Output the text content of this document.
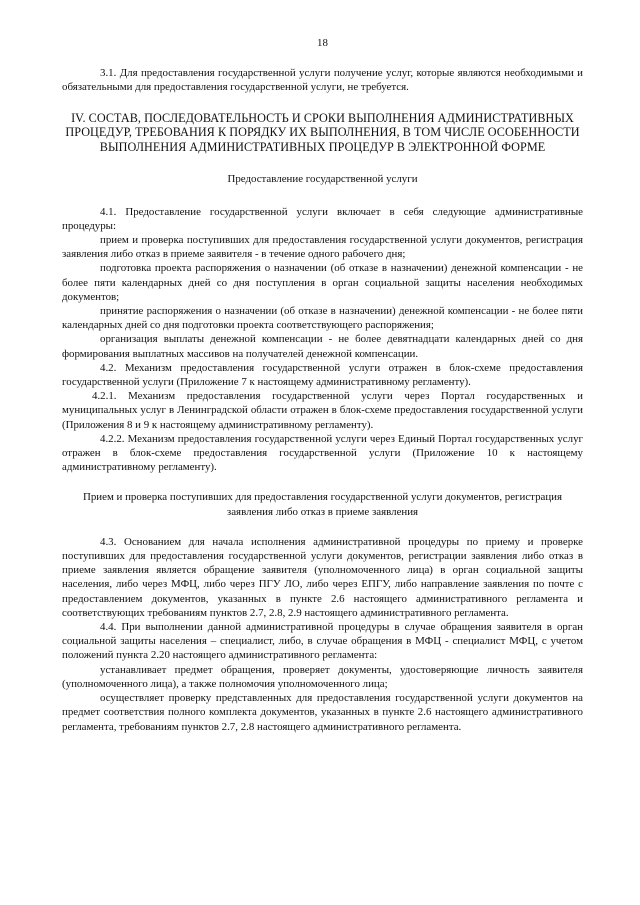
18

3.1. Для предоставления государственной услуги получение услуг, которые являются необходимыми и обязательными для предоставления государственной услуги, не требуется.

IV. СОСТАВ, ПОСЛЕДОВАТЕЛЬНОСТЬ И СРОКИ ВЫПОЛНЕНИЯ АДМИНИСТРАТИВНЫХ ПРОЦЕДУР, ТРЕБОВАНИЯ К ПОРЯДКУ ИХ ВЫПОЛНЕНИЯ, В ТОМ ЧИСЛЕ ОСОБЕННОСТИ ВЫПОЛНЕНИЯ АДМИНИСТРАТИВНЫХ ПРОЦЕДУР В ЭЛЕКТРОННОЙ ФОРМЕ
Предоставление государственной услуги

4.1. Предоставление государственной услуги включает в себя следующие административные процедуры:

прием и проверка поступивших для предоставления государственной услуги документов, регистрация заявления либо отказ в приеме заявителя - в течение одного рабочего дня;

подготовка проекта распоряжения о назначении (об отказе в назначении) денежной компенсации - не более пяти календарных дней со дня поступления в орган социальной защиты населения необходимых документов;

принятие распоряжения о назначении (об отказе в назначении) денежной компенсации - не более пяти календарных дней со дня подготовки проекта соответствующего распоряжения;

организация выплаты денежной компенсации - не более девятнадцати календарных дней со дня формирования выплатных массивов на получателей денежной компенсации.

4.2. Механизм предоставления государственной услуги отражен в блок-схеме предоставления государственной услуги (Приложение 7 к настоящему административному регламенту).

4.2.1. Механизм предоставления государственной услуги через Портал государственных и муниципальных услуг в Ленинградской области отражен в блок-схеме предоставления государственной услуги (Приложения 8 и 9 к настоящему административному регламенту).

4.2.2. Механизм предоставления государственной услуги через Единый Портал государственных услуг отражен в блок-схеме предоставления государственной услуги (Приложение 10 к настоящему административному регламенту).

Прием и проверка поступивших для предоставления государственной услуги документов, регистрация заявления либо отказ в приеме заявления

4.3. Основанием для начала исполнения административной процедуры по приему и проверке поступивших для предоставления государственной услуги документов, регистрации заявления либо отказ в приеме заявления является обращение заявителя (уполномоченного лица) в орган социальной защиты населения, либо через МФЦ, либо через ПГУ ЛО, либо через ЕПГУ, либо направление заявления по почте с предоставлением документов, указанных в пункте 2.6 настоящего административного регламента и соответствующих требованиям пунктов 2.7, 2.8, 2.9 настоящего административного регламента.

4.4. При выполнении данной административной процедуры в случае обращения заявителя в орган социальной защиты населения – специалист, либо, в случае обращения в МФЦ - специалист МФЦ, с учетом положений пункта 2.20 настоящего административного регламента:

устанавливает предмет обращения, проверяет документы, удостоверяющие личность заявителя (уполномоченного лица), а также полномочия уполномоченного лица;

осуществляет проверку представленных для предоставления государственной услуги документов на предмет соответствия полного комплекта документов, указанных в пункте 2.6 настоящего административного регламента, требованиям пунктов 2.7, 2.8 настоящего административного регламента.
